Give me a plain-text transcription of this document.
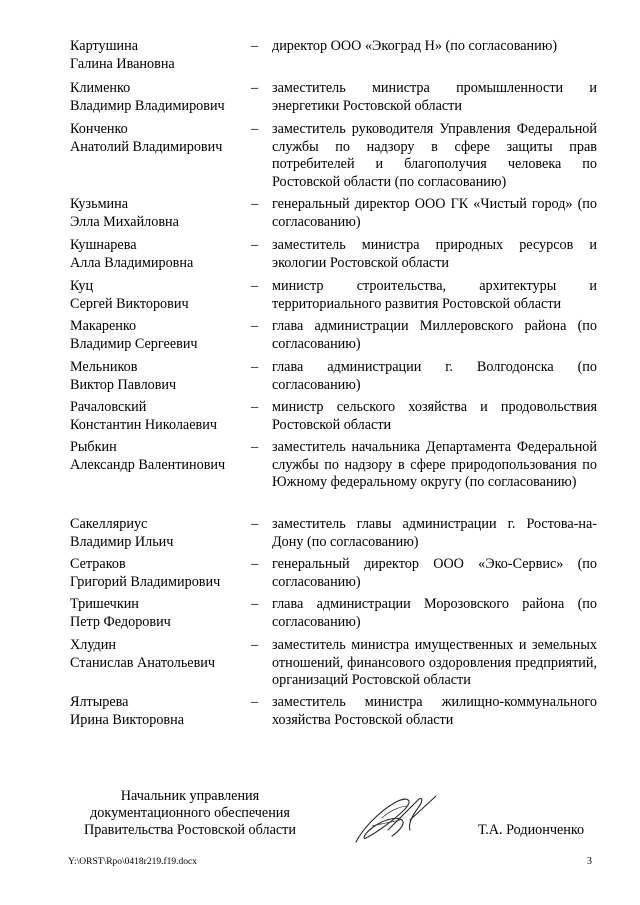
Картушина
Галина Ивановна
– директор ООО «Экоград Н» (по согласованию)
Клименко
Владимир Владимирович
– заместитель министра промышленности и энергетики Ростовской области
Конченко
Анатолий Владимирович
– заместитель руководителя Управления Федеральной службы по надзору в сфере защиты прав потребителей и благополучия человека по Ростовской области (по согласованию)
Кузьмина
Элла Михайловна
– генеральный директор ООО ГК «Чистый город» (по согласованию)
Кушнарева
Алла Владимировна
– заместитель министра природных ресурсов и экологии Ростовской области
Куц
Сергей Викторович
– министр строительства, архитектуры и территориального развития Ростовской области
Макаренко
Владимир Сергеевич
– глава администрации Миллеровского района (по согласованию)
Мельников
Виктор Павлович
– глава администрации г. Волгодонска (по согласованию)
Рачаловский
Константин Николаевич
– министр сельского хозяйства и продовольствия Ростовской области
Рыбкин
Александр Валентинович
– заместитель начальника Департамента Федеральной службы по надзору в сфере природопользования по Южному федеральному округу (по согласованию)
Сакелляриус
Владимир Ильич
– заместитель главы администрации г. Ростова-на-Дону (по согласованию)
Сетраков
Григорий Владимирович
– генеральный директор ООО «Эко-Сервис» (по согласованию)
Тришечкин
Петр Федорович
– глава администрации Морозовского района (по согласованию)
Хлудин
Станислав Анатольевич
– заместитель министра имущественных и земельных отношений, финансового оздоровления предприятий, организаций Ростовской области
Ялтырева
Ирина Викторовна
– заместитель министра жилищно-коммунального хозяйства Ростовской области
Начальник управления
документационного обеспечения
Правительства Ростовской области	Т.А. Родионченко
Y:\ORST\Rpo\0418r219.f19.docx	3
